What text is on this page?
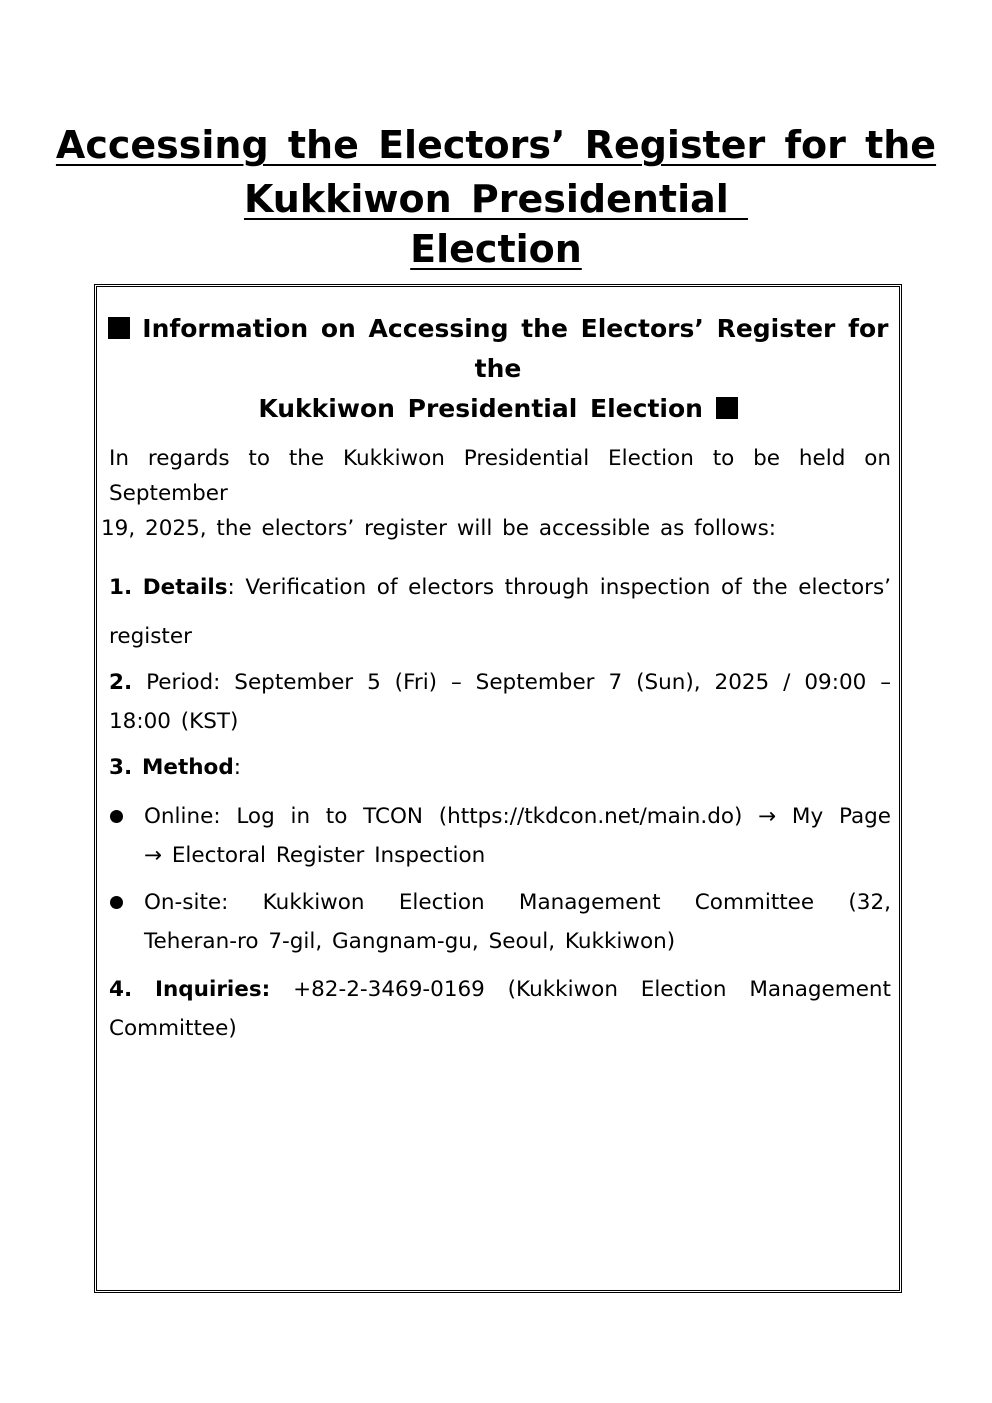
Accessing the Electors’ Register for the
Kukkiwon Presidential
Election
Information on Accessing the Electors’ Register for the
Kukkiwon Presidential Election
In regards to the Kukkiwon Presidential Election to be held on September
19, 2025, the electors’ register will be accessible as follows:
1. Details: Verification of electors through inspection of the electors’
register
2. Period: September 5 (Fri) – September 7 (Sun), 2025 / 09:00 –
18:00 (KST)
3. Method:
Online: Log in to TCON (https://tkdcon.net/main.do) → My Page
→ Electoral Register Inspection
On-site: Kukkiwon Election Management Committee (32,
Teheran-ro 7-gil, Gangnam-gu, Seoul, Kukkiwon)
4. Inquiries: +82-2-3469-0169 (Kukkiwon Election Management
Committee)
